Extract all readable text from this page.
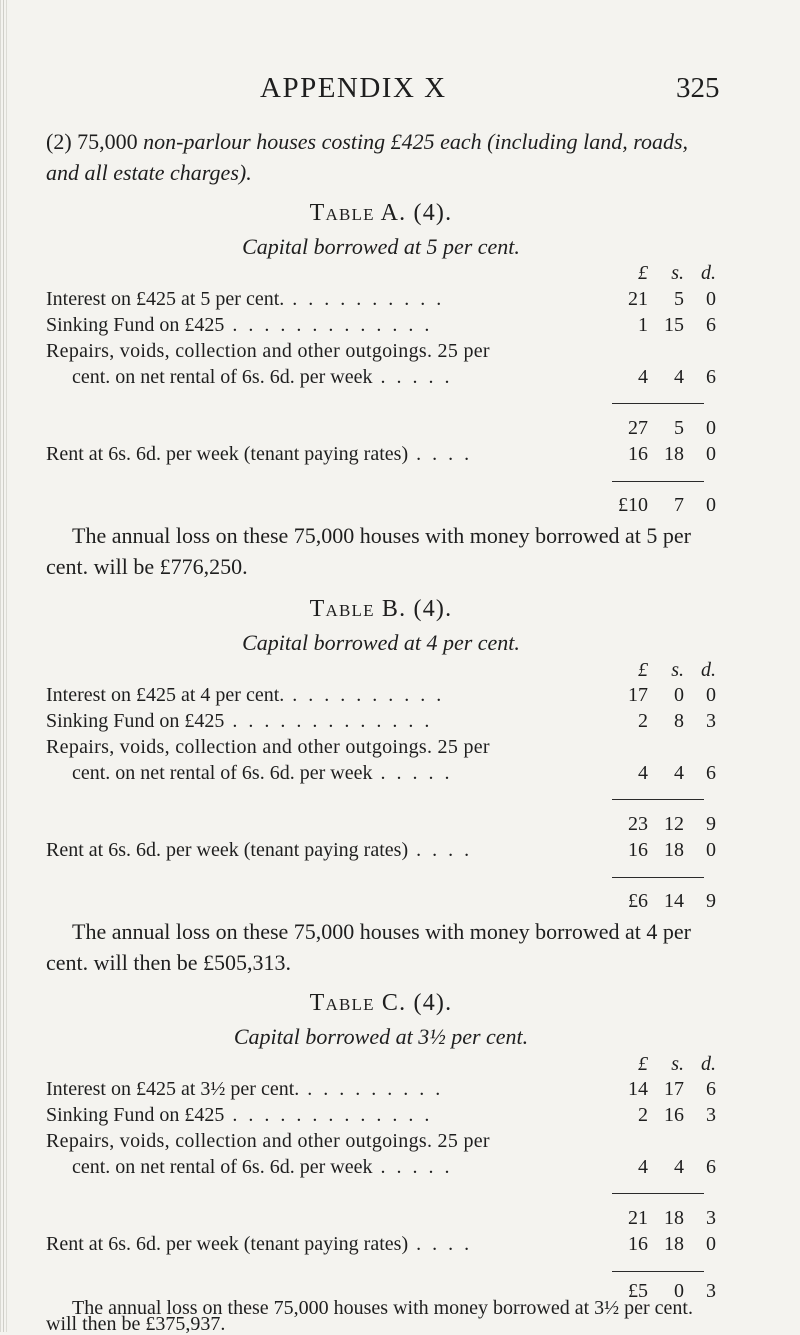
APPENDIX X	325
(2) 75,000 non-parlour houses costing £425 each (including land, roads, and all estate charges).
Table A. (4).
Capital borrowed at 5 per cent.
£	s. d.
Interest on £425 at 5 per cent. . . . . . . . . . .	21	5	0
Sinking Fund on £425 . . . . . . . . . . . . .	1 15	6
Repairs, voids, collection and other outgoings. 25 per
cent. on net rental of 6s. 6d. per week . . . . .	4	4	6
27	5	0
Rent at 6s. 6d. per week (tenant paying rates) . . . .	16 18	0
£10	7	0
The annual loss on these 75,000 houses with money borrowed at 5 per cent. will be £776,250.
Table B. (4).
Capital borrowed at 4 per cent.
£	s. d.
Interest on £425 at 4 per cent. . . . . . . . . . .	17	0	0
Sinking Fund on £425 . . . . . . . . . . . . .	2	8	3
Repairs, voids, collection and other outgoings. 25 per
cent. on net rental of 6s. 6d. per week . . . . .	4	4	6
23 12	9
Rent at 6s. 6d. per week (tenant paying rates) . . . .	16 18	0
£6 14	9
The annual loss on these 75,000 houses with money borrowed at 4 per cent. will then be £505,313.
Table C. (4).
Capital borrowed at 3½ per cent.
£	s. d.
Interest on £425 at 3½ per cent. . . . . . . . . .	14 17	6
Sinking Fund on £425 . . . . . . . . . . . . .	2 16	3
Repairs, voids, collection and other outgoings. 25 per
cent. on net rental of 6s. 6d. per week . . . . .	4	4	6
21 18	3
Rent at 6s. 6d. per week (tenant paying rates) . . . .	16 18	0
£5	0	3
The annual loss on these 75,000 houses with money borrowed at 3½ per cent. will then be £375,937.
